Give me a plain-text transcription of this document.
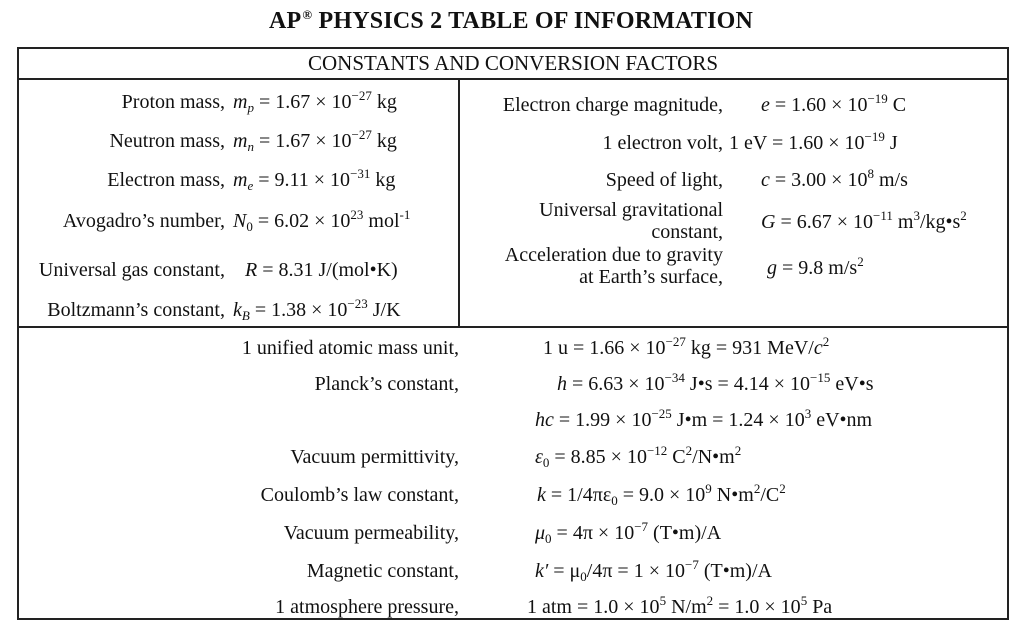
AP® PHYSICS 2 TABLE OF INFORMATION
CONSTANTS AND CONVERSION FACTORS
Proton mass, $m_p = 1.67 \times 10^{-27}$ kg
Neutron mass, $m_n = 1.67 \times 10^{-27}$ kg
Electron mass, $m_e = 9.11 \times 10^{-31}$ kg
Avogadro’s number, $N_0 = 6.02 \times 10^{23}$ mol$^{-1}$
Universal gas constant, R = 8.31 J/(mol•K)
Boltzmann’s constant, $k_B = 1.38 \times 10^{-23}$ J/K
Electron charge magnitude, $e = 1.60 \times 10^{-19}$ C
1 electron volt, 1 eV = $1.60 \times 10^{-19}$ J
Speed of light, $c = 3.00 \times 10^8$ m/s
Universal gravitational
constant, $G = 6.67 \times 10^{-11}$ $m^3/kg•s^2$
Acceleration due to gravity
at Earth’s surface, g = 9.8 $m/s^2$
1 unified atomic mass unit,	1 $u = 1.66 \times 10^{-27}$ kg = 931 MeV/$c^2$
Planck’s constant,	$h = 6.63 \times 10^{-34}$ J•s = $4.14 \times 10^{-15}$ eV•s
hc = $1.99 \times 10^{-25}$ J•m = $1.24 \times 10^3$ eV•nm
Vacuum permittivity,	$\varepsilon_0 = 8.85 \times 10^{-12}$ $C^2/N•m^2$
Coulomb’s law constant,	$k = 1/4\pi\varepsilon_0 = 9.0 \times 10^9$ $N•m^2/C^2$
Vacuum permeability,	$\mu_0 = 4\pi \times 10^{-7}$ (T•m)/A
Magnetic constant,	$k' = \mu_0/4\pi = 1 \times 10^{-7}$ (T•m)/A
1 atmosphere pressure,	1 atm = $1.0 \times 10^5$ $N/m^2 = 1.0 \times 10^5$ Pa
